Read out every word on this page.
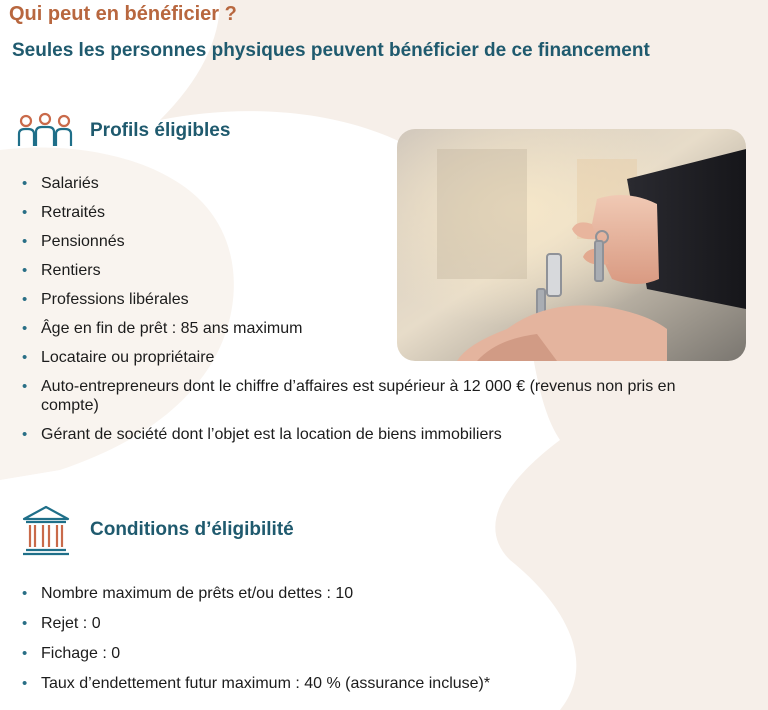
Qui peut en bénéficier ?
Seules les personnes physiques peuvent bénéficier de ce financement
Profils éligibles
• Salariés
• Retraités
• Pensionnés
• Rentiers
• Professions libérales
• Âge en fin de prêt : 85 ans maximum
• Locataire ou propriétaire
• Auto-entrepreneurs dont le chiffre d’affaires est supérieur à 12 000 € (revenus non pris en compte)
• Gérant de société dont l’objet est la location de biens immobiliers
Conditions d’éligibilité
• Nombre maximum de prêts et/ou dettes : 10
• Rejet : 0
• Fichage : 0
• Taux d’endettement futur maximum : 40 % (assurance incluse)*
